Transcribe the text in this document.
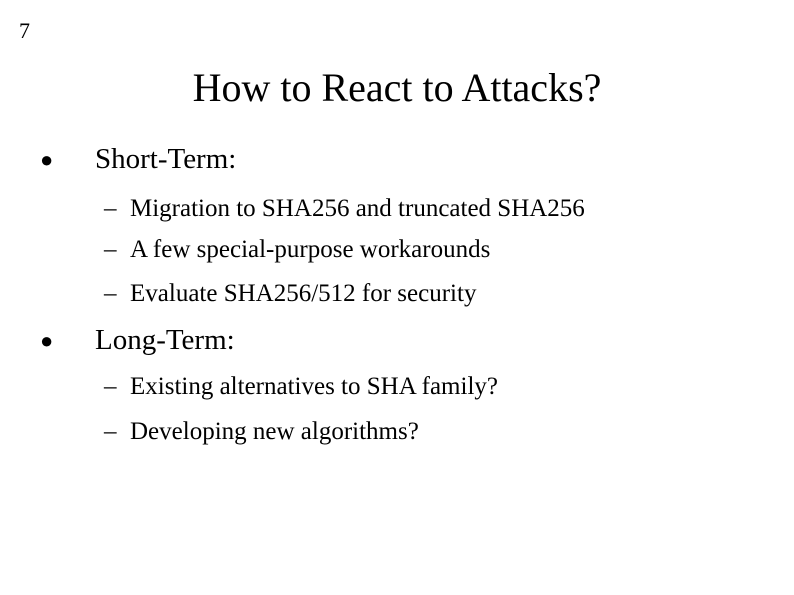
7
How to React to Attacks?
● Short-Term:
– Migration to SHA256 and truncated SHA256
– A few special-purpose workarounds
– Evaluate SHA256/512 for security
● Long-Term:
– Existing alternatives to SHA family?
– Developing new algorithms?
